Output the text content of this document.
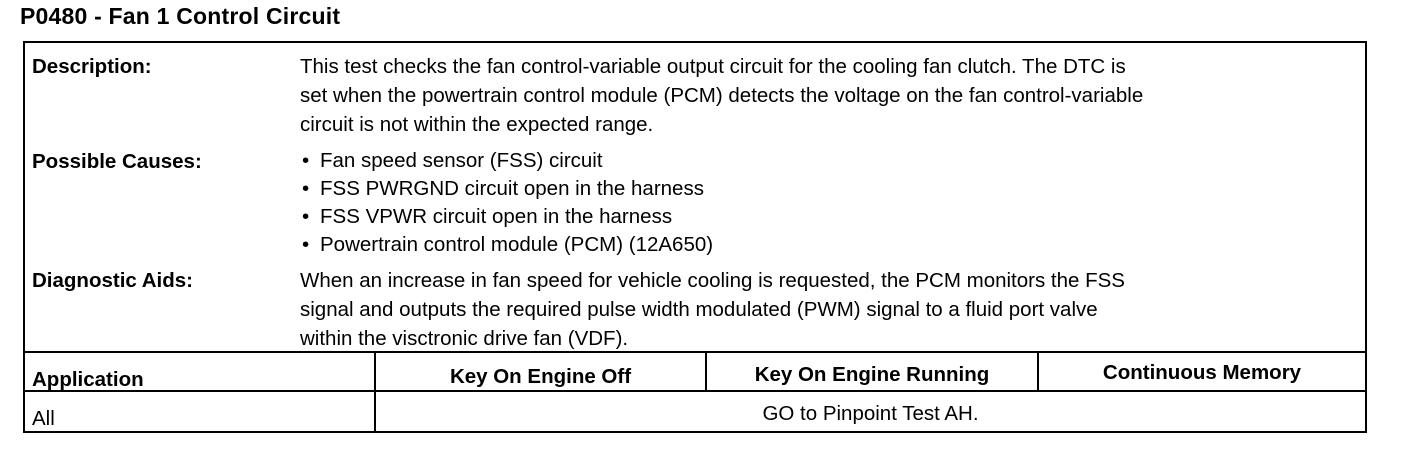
P0480 - Fan 1 Control Circuit
Description:	This test checks the fan control-variable output circuit for the cooling fan clutch. The DTC is
set when the powertrain control module (PCM) detects the voltage on the fan control-variable
circuit is not within the expected range.
Possible Causes:
•	Fan speed sensor (FSS) circuit
• FSS PWRGND circuit open in the harness
• FSS VPWR circuit open in the harness
• Powertrain control module (PCM) (12A650)
Diagnostic Aids:	When an increase in fan speed for vehicle cooling is requested, the PCM monitors the FSS
signal and outputs the required pulse width modulated (PWM) signal to a fluid port valve
within the visctronic drive fan (VDF).
Application	Key On Engine Off	Key On Engine Running	Continuous Memory
All	GO to Pinpoint Test AH.
